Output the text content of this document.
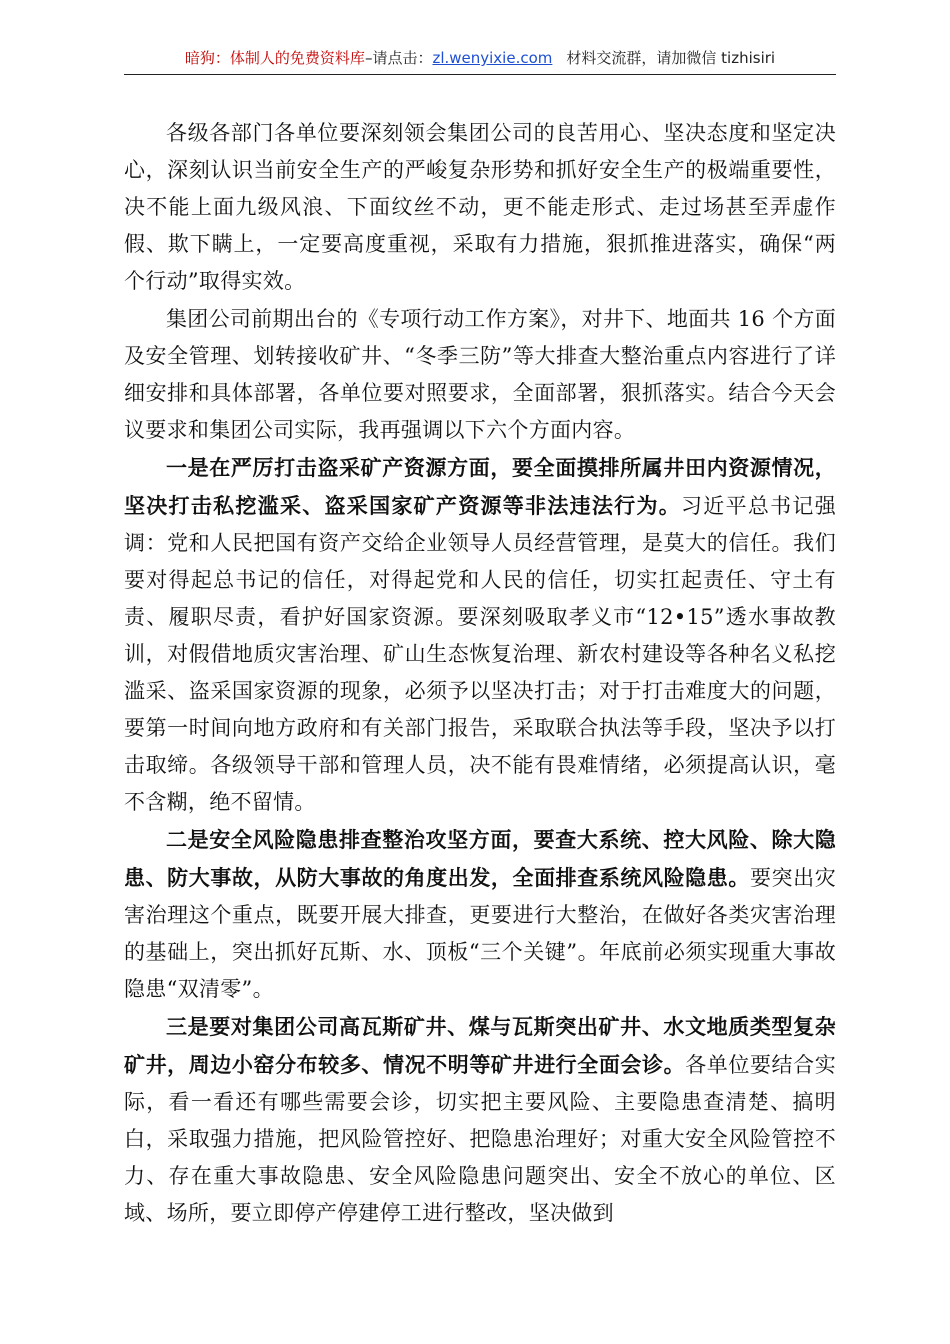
暗狗：体制人的免费资料库–请点击：zl.wenyixie.com 材料交流群，请加微信 tizhisiri

各级各部门各单位要深刻领会集团公司的良苦用心、坚决态度和坚定决心，深刻认识当前安全生产的严峻复杂形势和抓好安全生产的极端重要性，决不能上面九级风浪、下面纹丝不动，更不能走形式、走过场甚至弄虚作假、欺下瞒上，一定要高度重视，采取有力措施，狠抓推进落实，确保“两个行动”取得实效。

集团公司前期出台的《专项行动工作方案》，对井下、地面共 16 个方面及安全管理、划转接收矿井、“冬季三防”等大排查大整治重点内容进行了详细安排和具体部署，各单位要对照要求，全面部署，狠抓落实。结合今天会议要求和集团公司实际，我再强调以下六个方面内容。

一是在严厉打击盗采矿产资源方面，要全面摸排所属井田内资源情况，坚决打击私挖滥采、盗采国家矿产资源等非法违法行为。习近平总书记强调：党和人民把国有资产交给企业领导人员经营管理，是莫大的信任。我们要对得起总书记的信任，对得起党和人民的信任，切实扛起责任、守土有责、履职尽责，看护好国家资源。要深刻吸取孝义市“12•15”透水事故教训，对假借地质灾害治理、矿山生态恢复治理、新农村建设等各种名义私挖滥采、盗采国家资源的现象，必须予以坚决打击；对于打击难度大的问题，要第一时间向地方政府和有关部门报告，采取联合执法等手段，坚决予以打击取缔。各级领导干部和管理人员，决不能有畏难情绪，必须提高认识，毫不含糊，绝不留情。

二是安全风险隐患排查整治攻坚方面，要查大系统、控大风险、除大隐患、防大事故，从防大事故的角度出发，全面排查系统风险隐患。要突出灾害治理这个重点，既要开展大排查，更要进行大整治，在做好各类灾害治理的基础上，突出抓好瓦斯、水、顶板“三个关键”。年底前必须实现重大事故隐患“双清零”。

三是要对集团公司高瓦斯矿井、煤与瓦斯突出矿井、水文地质类型复杂矿井，周边小窑分布较多、情况不明等矿井进行全面会诊。各单位要结合实际，看一看还有哪些需要会诊，切实把主要风险、主要隐患查清楚、搞明白，采取强力措施，把风险管控好、把隐患治理好；对重大安全风险管控不力、存在重大事故隐患、安全风险隐患问题突出、安全不放心的单位、区域、场所，要立即停产停建停工进行整改，坚决做到
